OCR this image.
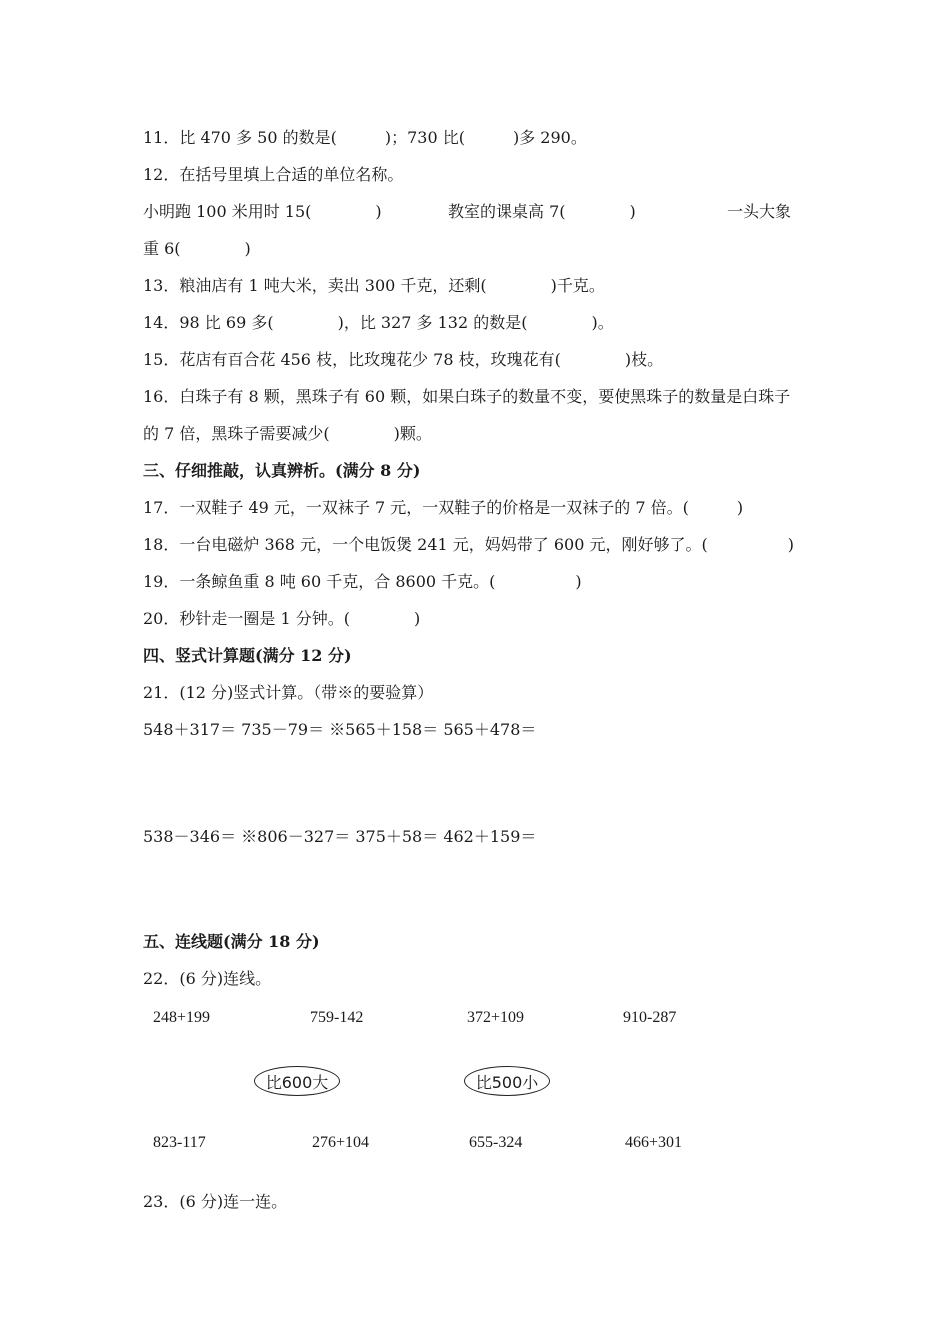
11．比 470 多 50 的数是(　　　)；730 比(　　　)多 290。
12．在括号里填上合适的单位名称。
小明跑 100 米用时 15(　　　　)	教室的课桌高 7(　　　　)	一头大象
重 6(　　　　)
13．粮油店有 1 吨大米，卖出 300 千克，还剩(　　　　)千克。
14．98 比 69 多(　　　　)，比 327 多 132 的数是(　　　　)。
15．花店有百合花 456 枝，比玫瑰花少 78 枝，玫瑰花有(　　　　)枝。
16．白珠子有 8 颗，黑珠子有 60 颗，如果白珠子的数量不变，要使黑珠子的数量是白珠子
的 7 倍，黑珠子需要减少(　　　　)颗。
三、仔细推敲，认真辨析。(满分 8 分)
17．一双鞋子 49 元，一双袜子 7 元，一双鞋子的价格是一双袜子的 7 倍。(　　　)
18．一台电磁炉 368 元，一个电饭煲 241 元，妈妈带了 600 元，刚好够了。(　　　　　)
19．一条鲸鱼重 8 吨 60 千克，合 8600 千克。(　　　　　)
20．秒针走一圈是 1 分钟。(　　　　)
四、竖式计算题(满分 12 分)
21．(12 分)竖式计算。（带※的要验算）
548＋317＝ 735－79＝ ※565＋158＝ 565＋478＝
538－346＝ ※806－327＝ 375＋58＝ 462＋159＝
五、连线题(满分 18 分)
22．(6 分)连线。
248+199	759-142	372+109	910-287
比600大	比500小
823-117	276+104	655-324	466+301
23．(6 分)连一连。
